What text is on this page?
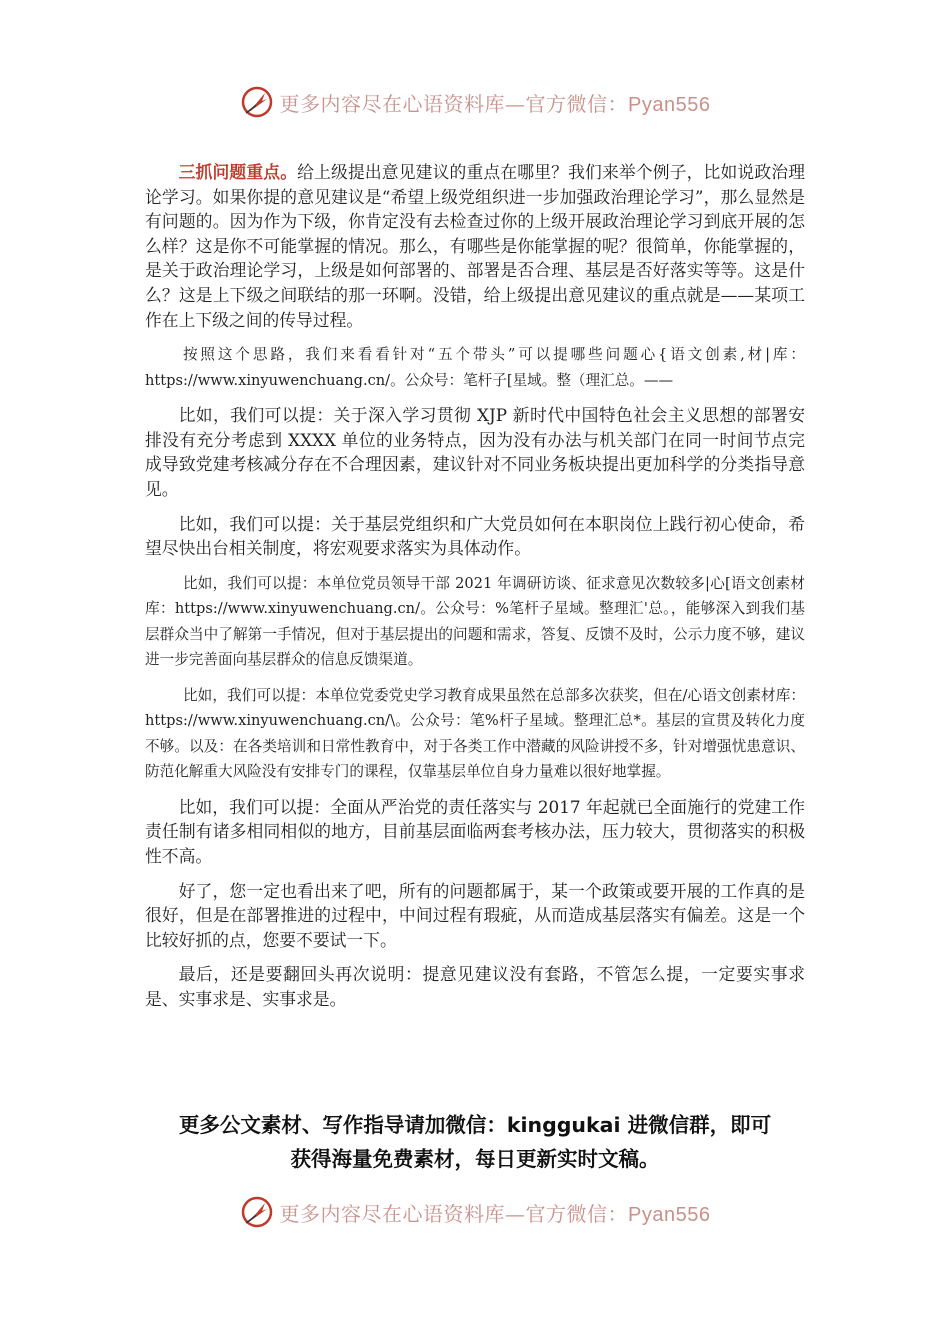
更多内容尽在心语资料库—官方微信：Pyan556

三抓问题重点。给上级提出意见建议的重点在哪里？我们来举个例子，比如说政治理论学习。如果你提的意见建议是“希望上级党组织进一步加强政治理论学习”，那么显然是有问题的。因为作为下级，你肯定没有去检查过你的上级开展政治理论学习到底开展的怎么样？这是你不可能掌握的情况。那么，有哪些是你能掌握的呢？很简单，你能掌握的，是关于政治理论学习，上级是如何部署的、部署是否合理、基层是否好落实等等。这是什么？这是上下级之间联结的那一环啊。没错，给上级提出意见建议的重点就是——某项工作在上下级之间的传导过程。

按照这个思路，我们来看看针对“五个带头”可以提哪些问题心{语文创素,材|库：https://www.xinyuwenchuang.cn/。公众号：笔杆子[星域。整（理汇总。——

比如，我们可以提：关于深入学习贯彻 XJP 新时代中国特色社会主义思想的部署安排没有充分考虑到 XXXX 单位的业务特点，因为没有办法与机关部门在同一时间节点完成导致党建考核减分存在不合理因素，建议针对不同业务板块提出更加科学的分类指导意见。

比如，我们可以提：关于基层党组织和广大党员如何在本职岗位上践行初心使命，希望尽快出台相关制度，将宏观要求落实为具体动作。

比如，我们可以提：本单位党员领导干部 2021 年调研访谈、征求意见次数较多|心[语文创素材库：https://www.xinyuwenchuang.cn/。公众号：%笔杆子星域。整理汇'总。，能够深入到我们基层群众当中了解第一手情况，但对于基层提出的问题和需求，答复、反馈不及时，公示力度不够，建议进一步完善面向基层群众的信息反馈渠道。

比如，我们可以提：本单位党委党史学习教育成果虽然在总部多次获奖，但在/心语文创素材库：https://www.xinyuwenchuang.cn/\。公众号：笔%杆子星域。整理汇总*。基层的宣贯及转化力度不够。以及：在各类培训和日常性教育中，对于各类工作中潜藏的风险讲授不多，针对增强忧患意识、防范化解重大风险没有安排专门的课程，仅靠基层单位自身力量难以很好地掌握。

比如，我们可以提：全面从严治党的责任落实与 2017 年起就已全面施行的党建工作责任制有诸多相同相似的地方，目前基层面临两套考核办法，压力较大，贯彻落实的积极性不高。

好了，您一定也看出来了吧，所有的问题都属于，某一个政策或要开展的工作真的是很好，但是在部署推进的过程中，中间过程有瑕疵，从而造成基层落实有偏差。这是一个比较好抓的点，您要不要试一下。

最后，还是要翻回头再次说明：提意见建议没有套路，不管怎么提，一定要实事求是、实事求是、实事求是。

更多公文素材、写作指导请加微信：kinggukai 进微信群，即可
获得海量免费素材，每日更新实时文稿。
更多内容尽在心语资料库—官方微信：Pyan556
